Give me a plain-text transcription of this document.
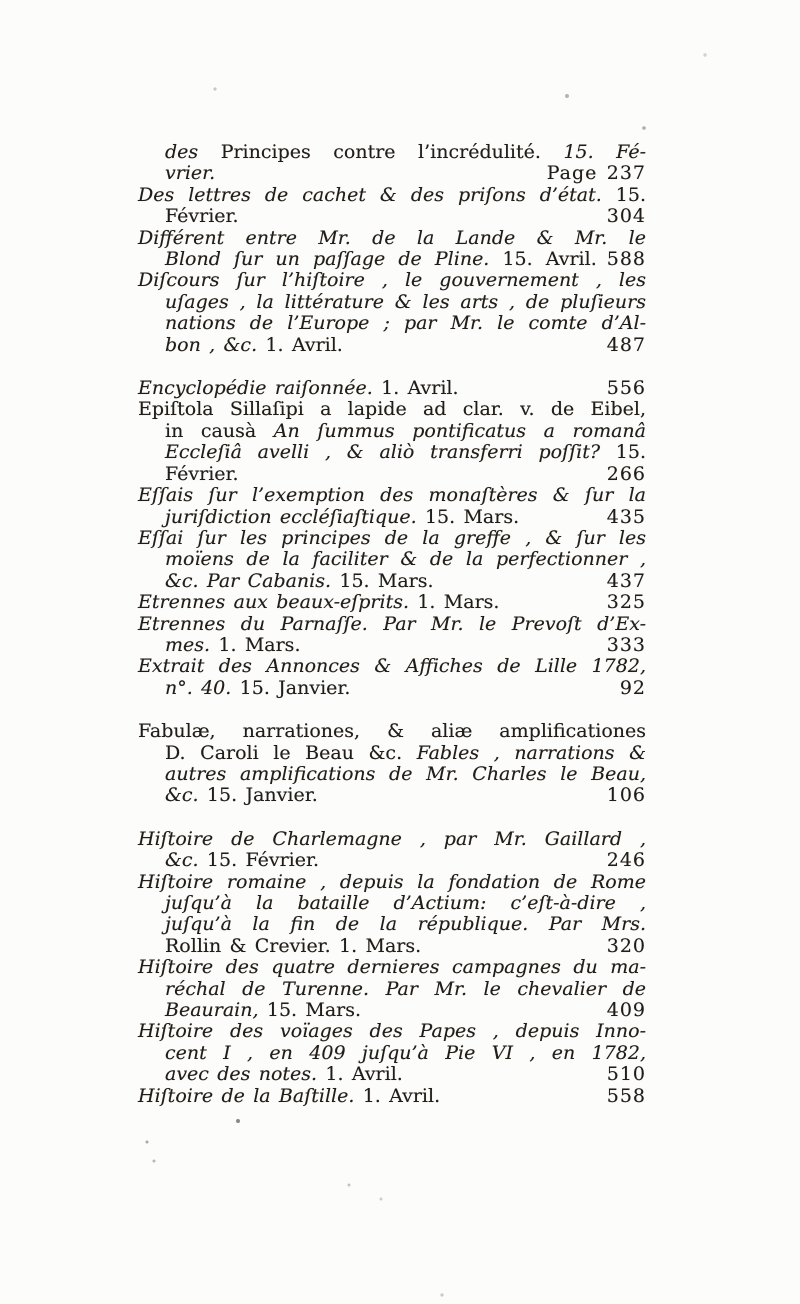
des Principes contre l’incrédulité. 15. Fé-
Page 237
vrier.
Des lettres de cachet & des priſons d’état. 15.
304
Février.
Différent entre Mr. de la Lande & Mr. le
588
Blond ſur un paſſage de Pline. 15. Avril.
Diſcours ſur l’hiſtoire , le gouvernement , les
uſages , la littérature & les arts , de pluſieurs
nations de l’Europe ; par Mr. le comte d’Al-
487
bon , &c. 1. Avril.
556
Encyclopédie raiſonnée. 1. Avril.
Epiſtola Sillaſipi a lapide ad clar. v. de Eibel,
in causà An ſummus pontificatus a romanâ
Eccleſiâ avelli , & aliò transferri poſſit? 15.
266
Février.
Eſſais ſur l’exemption des monaſtères & ſur la
435
juriſdiction eccléſiaſtique. 15. Mars.
Eſſai ſur les principes de la greffe , & ſur les
moïens de la faciliter & de la perfectionner ,
437
&c. Par Cabanis. 15. Mars.
325
Etrennes aux beaux-eſprits. 1. Mars.
Etrennes du Parnaſſe. Par Mr. le Prevoſt d’Ex-
333
mes. 1. Mars.
Extrait des Annonces & Affiches de Lille 1782,
92
n°. 40. 15. Janvier.
Fabulæ, narrationes, & aliæ amplificationes
D. Caroli le Beau &c. Fables , narrations &
autres amplifications de Mr. Charles le Beau,
106
&c. 15. Janvier.
Hiſtoire de Charlemagne , par Mr. Gaillard ,
246
&c. 15. Février.
Hiſtoire romaine , depuis la fondation de Rome
juſqu’à la bataille d’Actium: c’eſt-à-dire ,
juſqu’à la fin de la république. Par Mrs.
320
Rollin & Crevier. 1. Mars.
Hiſtoire des quatre dernieres campagnes du ma-
réchal de Turenne. Par Mr. le chevalier de
409
Beaurain, 15. Mars.
Hiſtoire des voïages des Papes , depuis Inno-
cent I , en 409 juſqu’à Pie VI , en 1782,
510
avec des notes. 1. Avril.
558
Hiſtoire de la Baſtille. 1. Avril.
